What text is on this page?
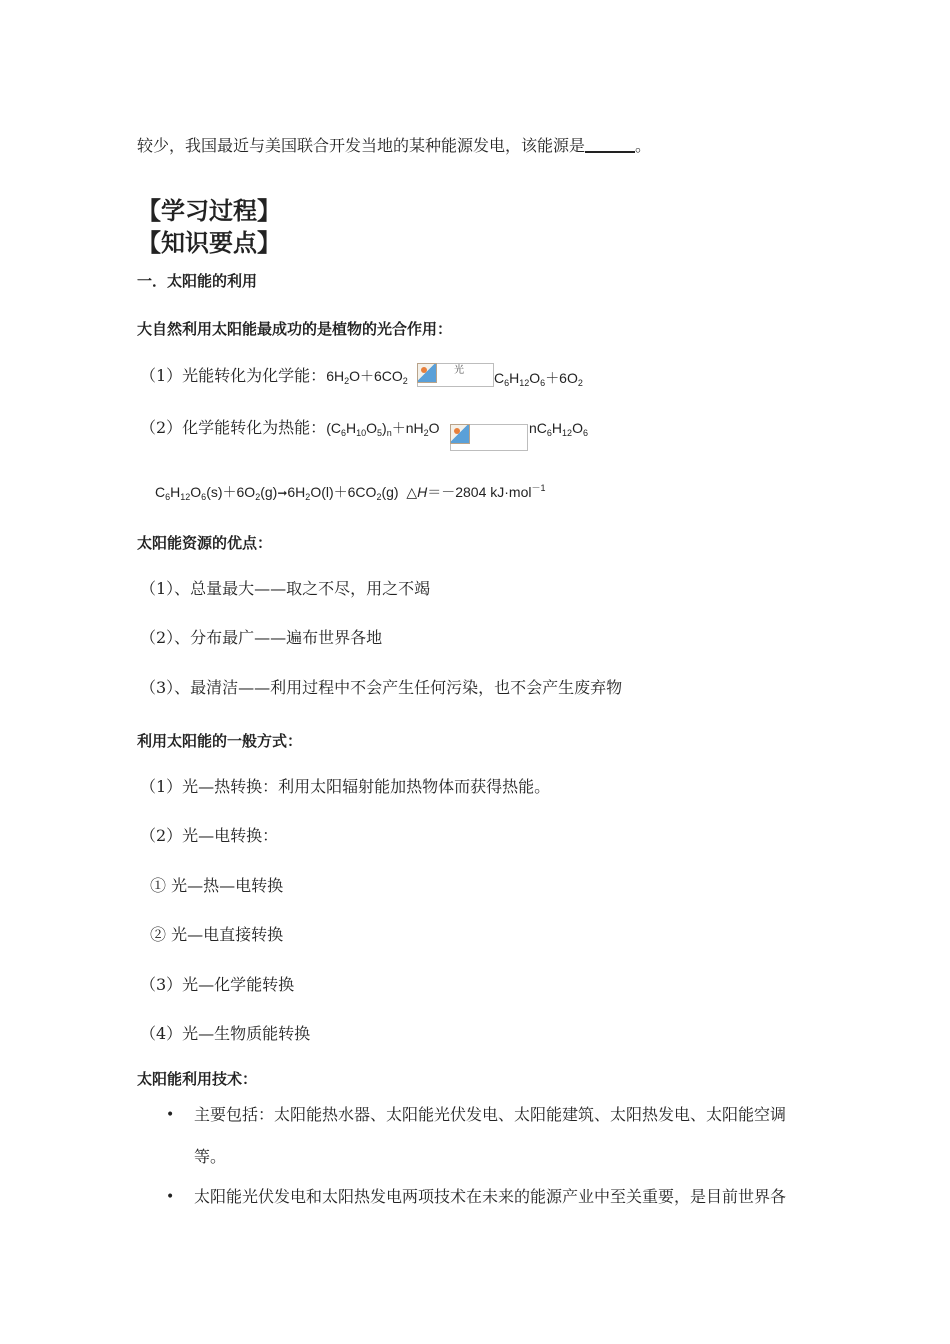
较少，我国最近与美国联合开发当地的某种能源发电，该能源是	。
【学习过程】
【知识要点】
一．太阳能的利用
大自然利用太阳能最成功的是植物的光合作用：
（1）光能转化为化学能：$6H_2O+6CO_2$
光 $C_6H_{12}O_6+6O_2$
（2）化学能转化为热能：$(C_6H_{10}O_5)_n+nH_2O$	$nC_6H_{12}O_6$
$C_6H_{12}O_6(s)+6O_2(g)➞6H_2O(l)+6CO_2(g)$  △H＝－2804 kJ·mol$^{-1}$
太阳能资源的优点：
（1）、总量最大——取之不尽，用之不竭
（2）、分布最广——遍布世界各地
（3）、最清洁——利用过程中不会产生任何污染，也不会产生废弃物
利用太阳能的一般方式：
（1）光—热转换：利用太阳辐射能加热物体而获得热能。
（2）光—电转换：
① 光—热—电转换
② 光—电直接转换
（3）光—化学能转换
（4）光—生物质能转换
太阳能利用技术：
• 主要包括：太阳能热水器、太阳能光伏发电、太阳能建筑、太阳热发电、太阳能空调
等。
• 太阳能光伏发电和太阳热发电两项技术在未来的能源产业中至关重要，是目前世界各
